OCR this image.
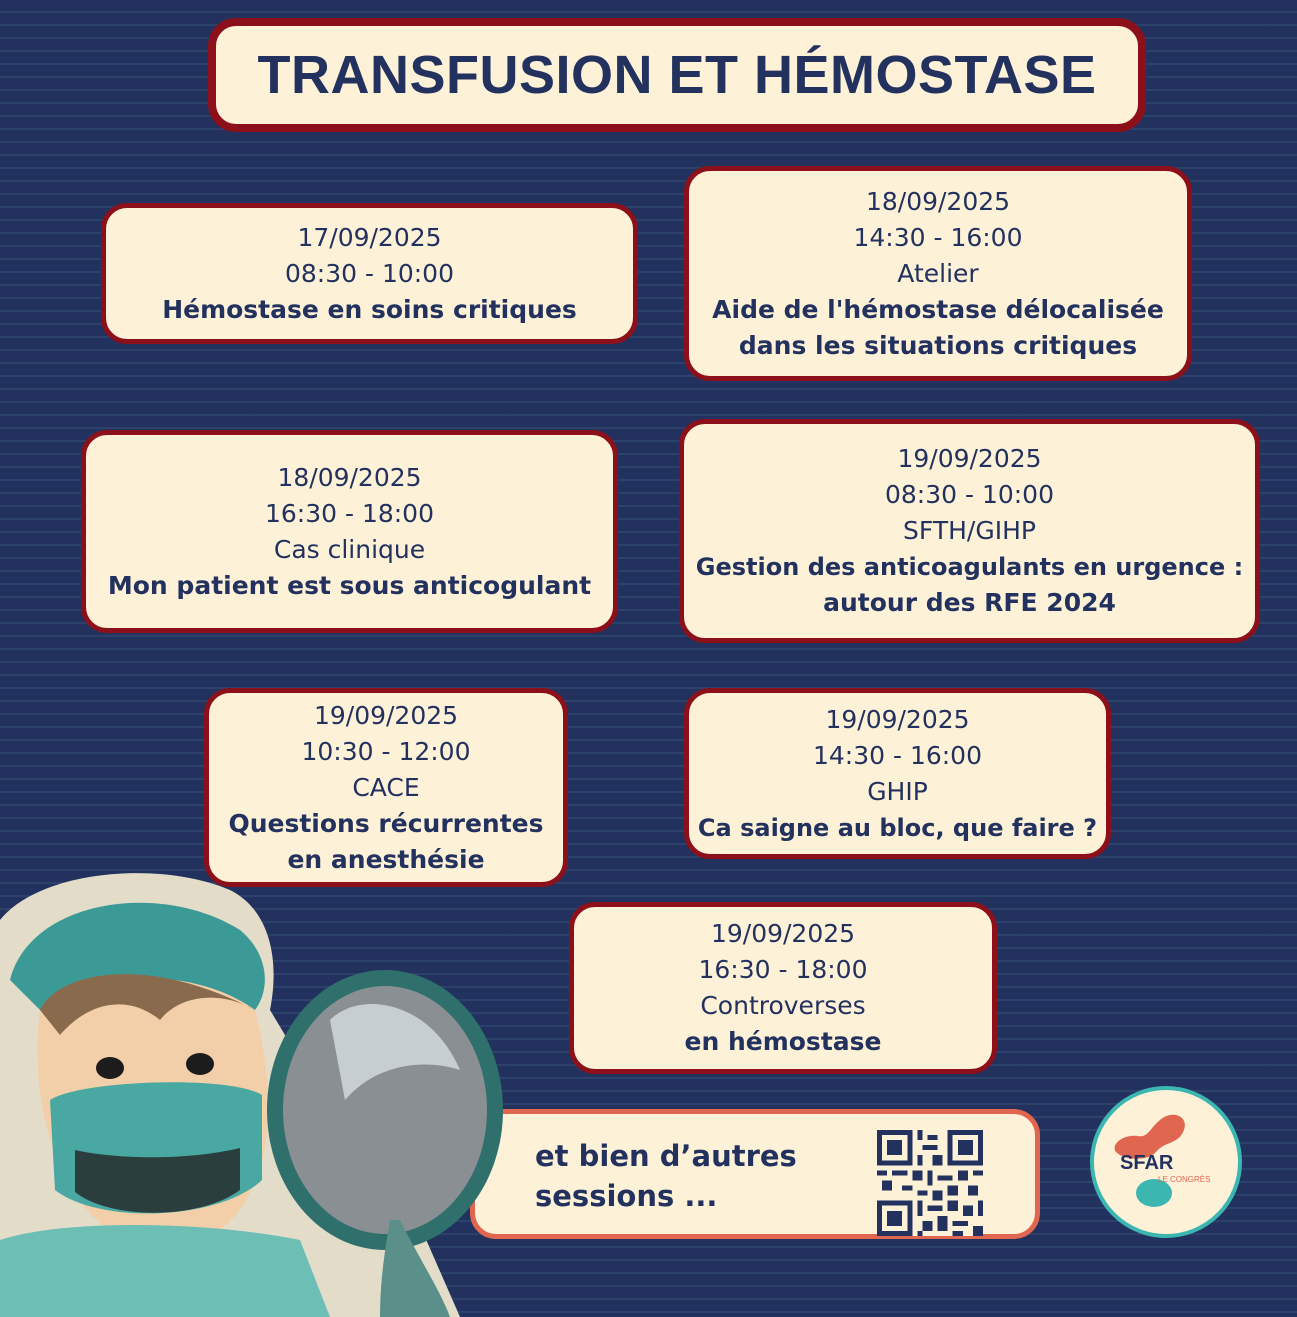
TRANSFUSION ET HÉMOSTASE
17/09/2025
08:30 - 10:00
Hémostase en soins critiques
18/09/2025
14:30 - 16:00
Atelier
Aide de l'hémostase délocalisée
dans les situations critiques
18/09/2025
16:30 - 18:00
Cas clinique
Mon patient est sous anticogulant
19/09/2025
08:30 - 10:00
SFTH/GIHP
Gestion des anticoagulants en urgence :
autour des RFE 2024
19/09/2025
10:30 - 12:00
CACE
Questions récurrentes
en anesthésie
19/09/2025
14:30 - 16:00
GHIP
Ca saigne au bloc, que faire ?
19/09/2025
16:30 - 18:00
Controverses
en hémostase
et bien d’autres
sessions ...
SFAR
LE CONGRÈS
